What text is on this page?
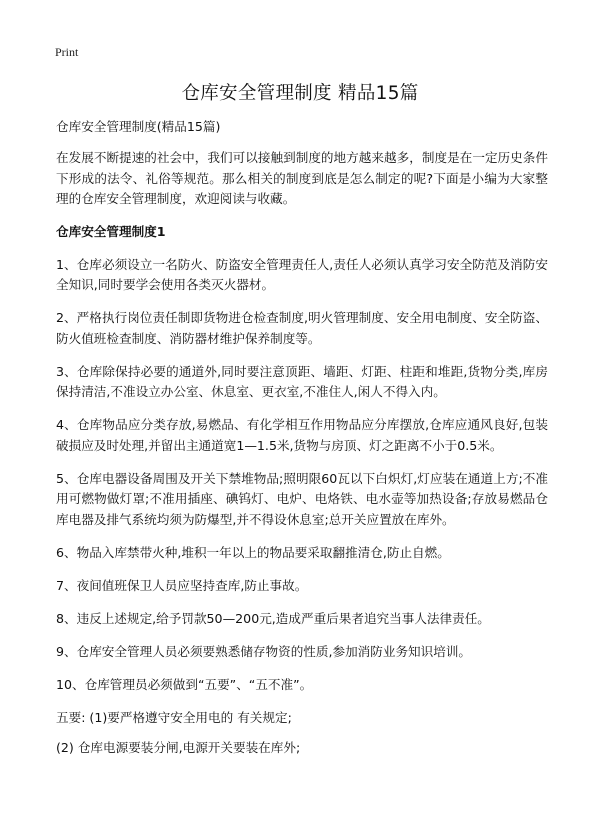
Print
仓库安全管理制度 精品15篇

仓库安全管理制度(精品15篇)

在发展不断提速的社会中，我们可以接触到制度的地方越来越多，制度是在一定历史条件下形成的法令、礼俗等规范。那么相关的制度到底是怎么制定的呢?下面是小编为大家整理的仓库安全管理制度，欢迎阅读与收藏。

仓库安全管理制度1

1、仓库必须设立一名防火、防盗安全管理责任人,责任人必须认真学习安全防范及消防安全知识,同时要学会使用各类灭火器材。

2、严格执行岗位责任制即货物进仓检查制度,明火管理制度、安全用电制度、安全防盗、防火值班检查制度、消防器材维护保养制度等。

3、仓库除保持必要的通道外,同时要注意顶距、墙距、灯距、柱距和堆距,货物分类,库房保持清洁,不准设立办公室、休息室、更衣室,不准住人,闲人不得入内。

4、仓库物品应分类存放,易燃品、有化学相互作用物品应分库摆放,仓库应通风良好,包装破损应及时处理,并留出主通道宽1—1.5米,货物与房顶、灯之距离不小于0.5米。

5、仓库电器设备周围及开关下禁堆物品;照明限60瓦以下白炽灯,灯应装在通道上方;不准用可燃物做灯罩;不准用插座、碘钨灯、电炉、电烙铁、电水壶等加热设备;存放易燃品仓库电器及排气系统均须为防爆型,并不得设休息室;总开关应置放在库外。

6、物品入库禁带火种,堆积一年以上的物品要采取翻推清仓,防止自燃。

7、夜间值班保卫人员应坚持查库,防止事故。

8、违反上述规定,给予罚款50—200元,造成严重后果者追究当事人法律责任。

9、仓库安全管理人员必须要熟悉储存物资的性质,参加消防业务知识培训。

10、仓库管理员必须做到“五要”、“五不准”。

五要: (1)要严格遵守安全用电的 有关规定;

(2) 仓库电源要装分闸,电源开关要装在库外;
